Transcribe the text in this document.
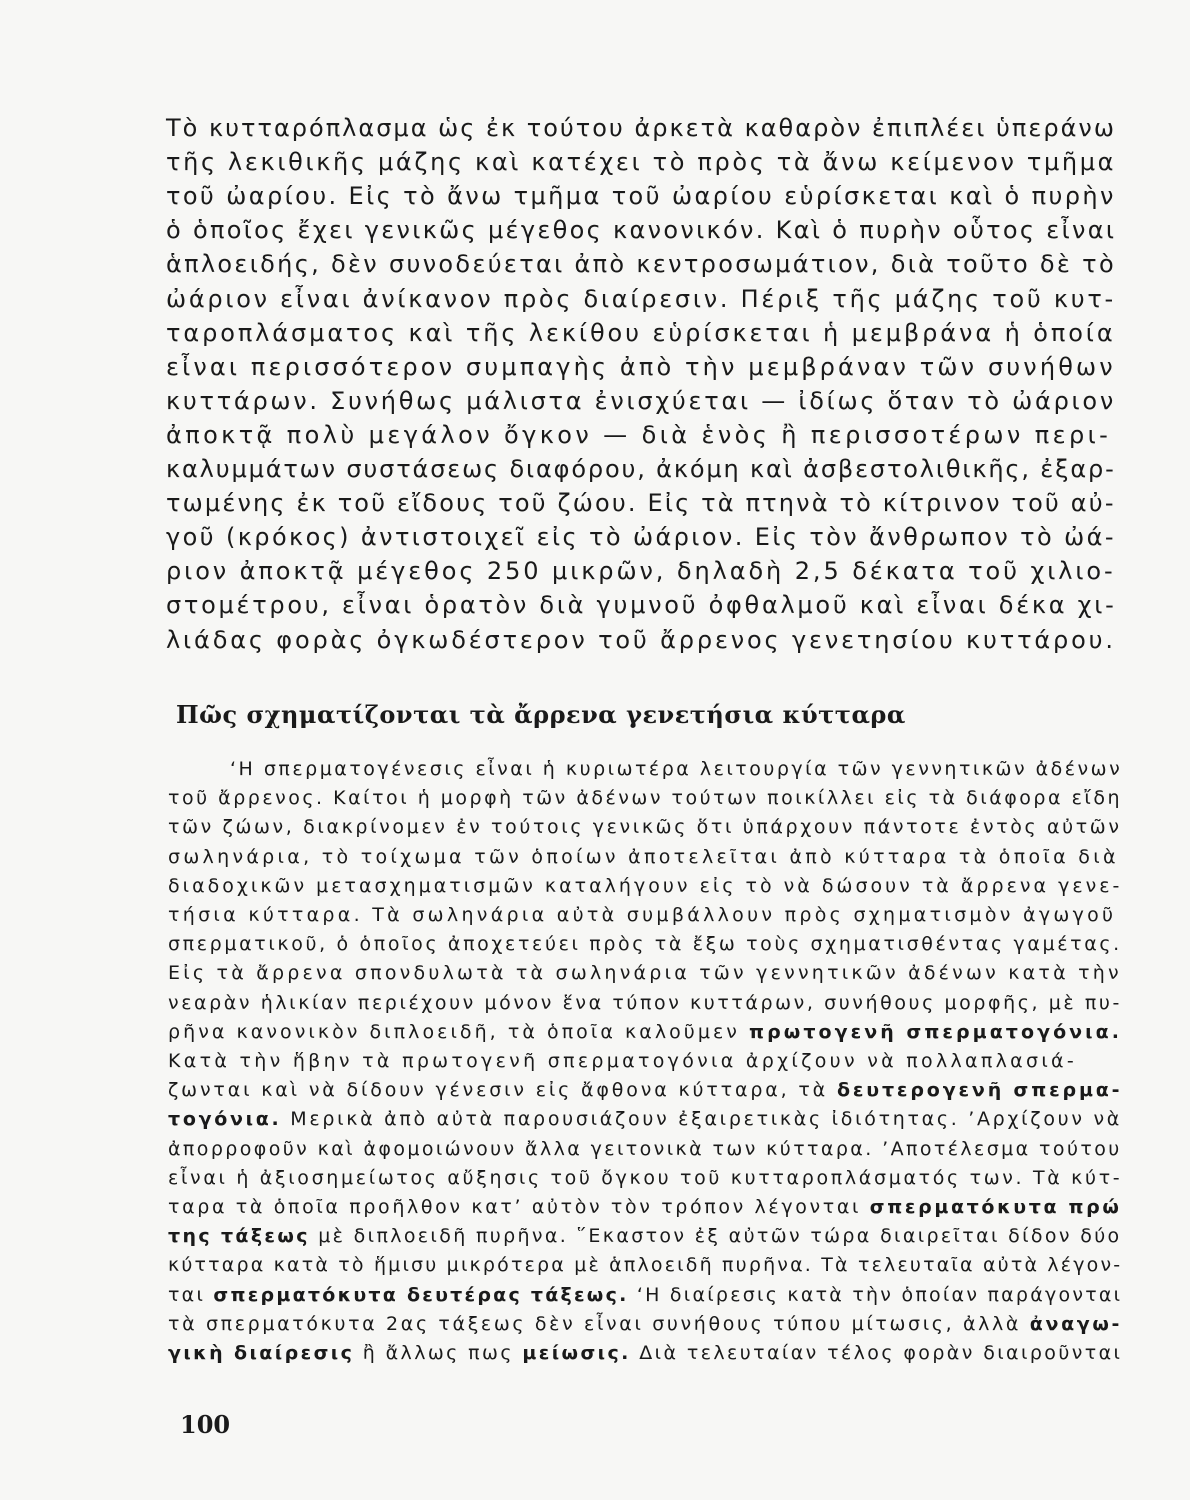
Τὸ κυτταρόπλασμα ὡς ἐκ τούτου ἀρκετὰ καθαρὸν ἐπιπλέει ὑπεράνω
τῆς λεκιθικῆς μάζης καὶ κατέχει τὸ πρὸς τὰ ἄνω κείμενον τμῆμα
τοῦ ὠαρίου. Εἰς τὸ ἄνω τμῆμα τοῦ ὠαρίου εὑρίσκεται καὶ ὁ πυρὴν
ὁ ὁποῖος ἔχει γενικῶς μέγεθος κανονικόν. Καὶ ὁ πυρὴν οὗτος εἶναι
ἁπλοειδής, δὲν συνοδεύεται ἀπὸ κεντροσωμάτιον, διὰ τοῦτο δὲ τὸ
ὠάριον εἶναι ἀνίκανον πρὸς διαίρεσιν. Πέριξ τῆς μάζης τοῦ κυτ-
ταροπλάσματος καὶ τῆς λεκίθου εὑρίσκεται ἡ μεμβράνα ἡ ὁποία
εἶναι περισσότερον συμπαγὴς ἀπὸ τὴν μεμβράναν τῶν συνήθων
κυττάρων. Συνήθως μάλιστα ἐνισχύεται — ἰδίως ὅταν τὸ ὠάριον
ἀποκτᾷ πολὺ μεγάλον ὄγκον — διὰ ἑνὸς ἢ περισσοτέρων περι-
καλυμμάτων συστάσεως διαφόρου, ἀκόμη καὶ ἀσβεστολιθικῆς, ἐξαρ-
τωμένης ἐκ τοῦ εἴδους τοῦ ζώου. Εἰς τὰ πτηνὰ τὸ κίτρινον τοῦ αὐ-
γοῦ (κρόκος) ἀντιστοιχεῖ εἰς τὸ ὠάριον. Εἰς τὸν ἄνθρωπον τὸ ὠά-
ριον ἀποκτᾷ μέγεθος 250 μικρῶν, δηλαδὴ 2,5 δέκατα τοῦ χιλιο-
στομέτρου, εἶναι ὁρατὸν διὰ γυμνοῦ ὀφθαλμοῦ καὶ εἶναι δέκα χι-
λιάδας φορὰς ὀγκωδέστερον τοῦ ἄρρενος γενετησίου κυττάρου.
Πῶς σχηματίζονται τὰ ἄρρενα γενετήσια κύτταρα
‘Η σπερματογένεσις εἶναι ἡ κυριωτέρα λειτουργία τῶν γεννητικῶν ἀδένων
τοῦ ἄρρενος. Καίτοι ἡ μορφὴ τῶν ἀδένων τούτων ποικίλλει εἰς τὰ διάφορα εἴδη
τῶν ζώων, διακρίνομεν ἐν τούτοις γενικῶς ὅτι ὑπάρχουν πάντοτε ἐντὸς αὐτῶν
σωληνάρια, τὸ τοίχωμα τῶν ὁποίων ἀποτελεῖται ἀπὸ κύτταρα τὰ ὁποῖα διὰ
διαδοχικῶν μετασχηματισμῶν καταλήγουν εἰς τὸ νὰ δώσουν τὰ ἄρρενα γενε-
τήσια κύτταρα. Τὰ σωληνάρια αὐτὰ συμβάλλουν πρὸς σχηματισμὸν ἀγωγοῦ
σπερματικοῦ, ὁ ὁποῖος ἀποχετεύει πρὸς τὰ ἔξω τοὺς σχηματισθέντας γαμέτας.
Εἰς τὰ ἄρρενα σπονδυλωτὰ τὰ σωληνάρια τῶν γεννητικῶν ἀδένων κατὰ τὴν
νεαρὰν ἡλικίαν περιέχουν μόνον ἕνα τύπον κυττάρων, συνήθους μορφῆς, μὲ πυ-
ρῆνα κανονικὸν διπλοειδῆ, τὰ ὁποῖα καλοῦμεν πρωτογενῆ σπερματογόνια.
Κατὰ τὴν ἥβην τὰ πρωτογενῆ σπερματογόνια ἀρχίζουν νὰ πολλαπλασιά-
ζωνται καὶ νὰ δίδουν γένεσιν εἰς ἄφθονα κύτταρα, τὰ δευτερογενῆ σπερμα-
τογόνια. Μερικὰ ἀπὸ αὐτὰ παρουσιάζουν ἐξαιρετικὰς ἰδιότητας. ’Αρχίζουν νὰ
ἀπορροφοῦν καὶ ἀφομοιώνουν ἄλλα γειτονικὰ των κύτταρα. ’Αποτέλεσμα τούτου
εἶναι ἡ ἀξιοσημείωτος αὔξησις τοῦ ὄγκου τοῦ κυτταροπλάσματός των. Τὰ κύτ-
ταρα τὰ ὁποῖα προῆλθον κατ’ αὐτὸν τὸν τρόπον λέγονται σπερματόκυτα πρώ
της τάξεως μὲ διπλοειδῆ πυρῆνα. ῞Εκαστον ἐξ αὐτῶν τώρα διαιρεῖται δίδον δύο
κύτταρα κατὰ τὸ ἥμισυ μικρότερα μὲ ἁπλοειδῆ πυρῆνα. Τὰ τελευταῖα αὐτὰ λέγον-
ται σπερματόκυτα δευτέρας τάξεως. ‘Η διαίρεσις κατὰ τὴν ὁποίαν παράγονται
τὰ σπερματόκυτα 2ας τάξεως δὲν εἶναι συνήθους τύπου μίτωσις, ἀλλὰ ἀναγω-
γικὴ διαίρεσις ἢ ἄλλως πως μείωσις. Διὰ τελευταίαν τέλος φορὰν διαιροῦνται
100
